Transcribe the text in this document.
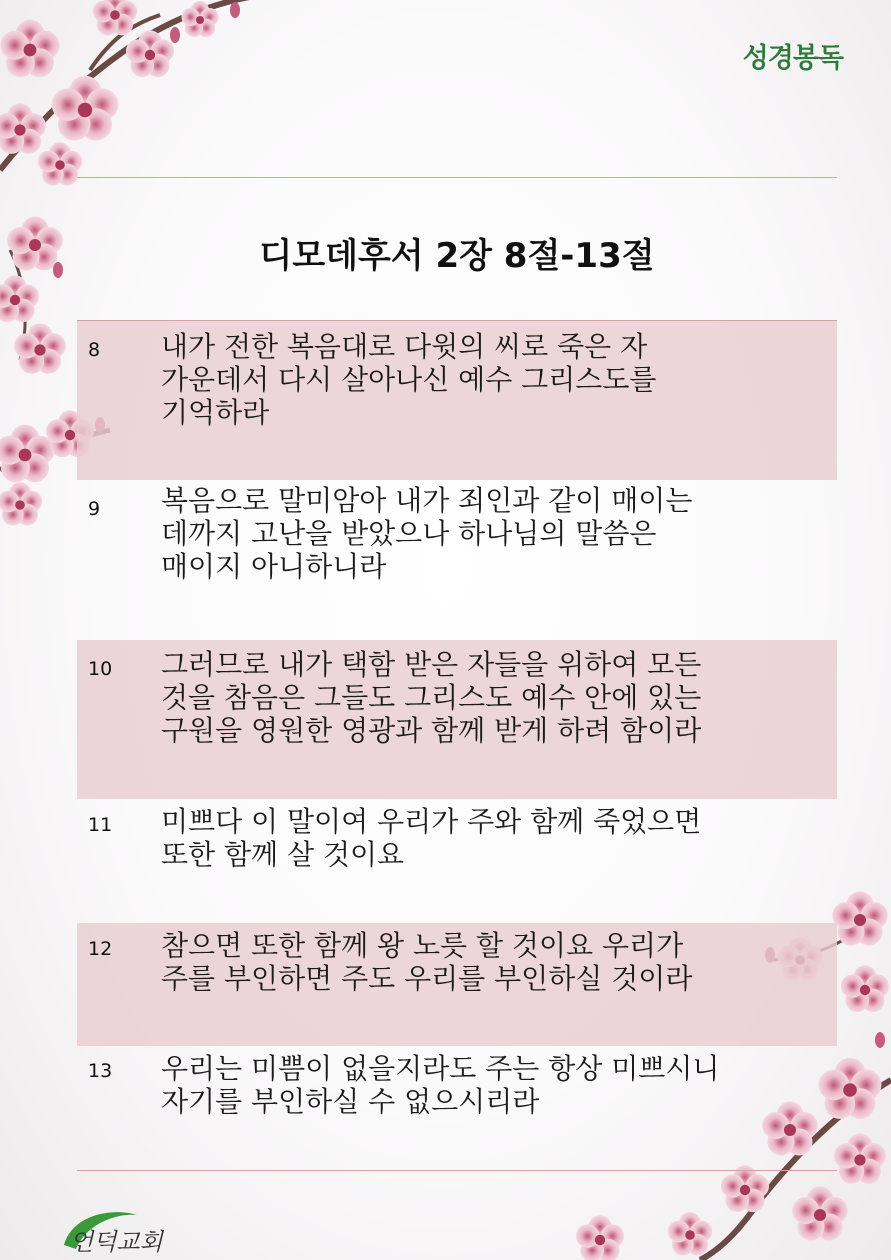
성경봉독
디모데후서 2장 8절-13절
8 내가 전한 복음대로 다윗의 씨로 죽은 자
가운데서 다시 살아나신 예수 그리스도를
기억하라
9 복음으로 말미암아 내가 죄인과 같이 매이는
데까지 고난을 받았으나 하나님의 말씀은
매이지 아니하니라
10 그러므로 내가 택함 받은 자들을 위하여 모든
것을 참음은 그들도 그리스도 예수 안에 있는
구원을 영원한 영광과 함께 받게 하려 함이라
11 미쁘다 이 말이여 우리가 주와 함께 죽었으면
또한 함께 살 것이요
12 참으면 또한 함께 왕 노릇 할 것이요 우리가
주를 부인하면 주도 우리를 부인하실 것이라
13 우리는 미쁨이 없을지라도 주는 항상 미쁘시니
자기를 부인하실 수 없으시리라
언덕교회
